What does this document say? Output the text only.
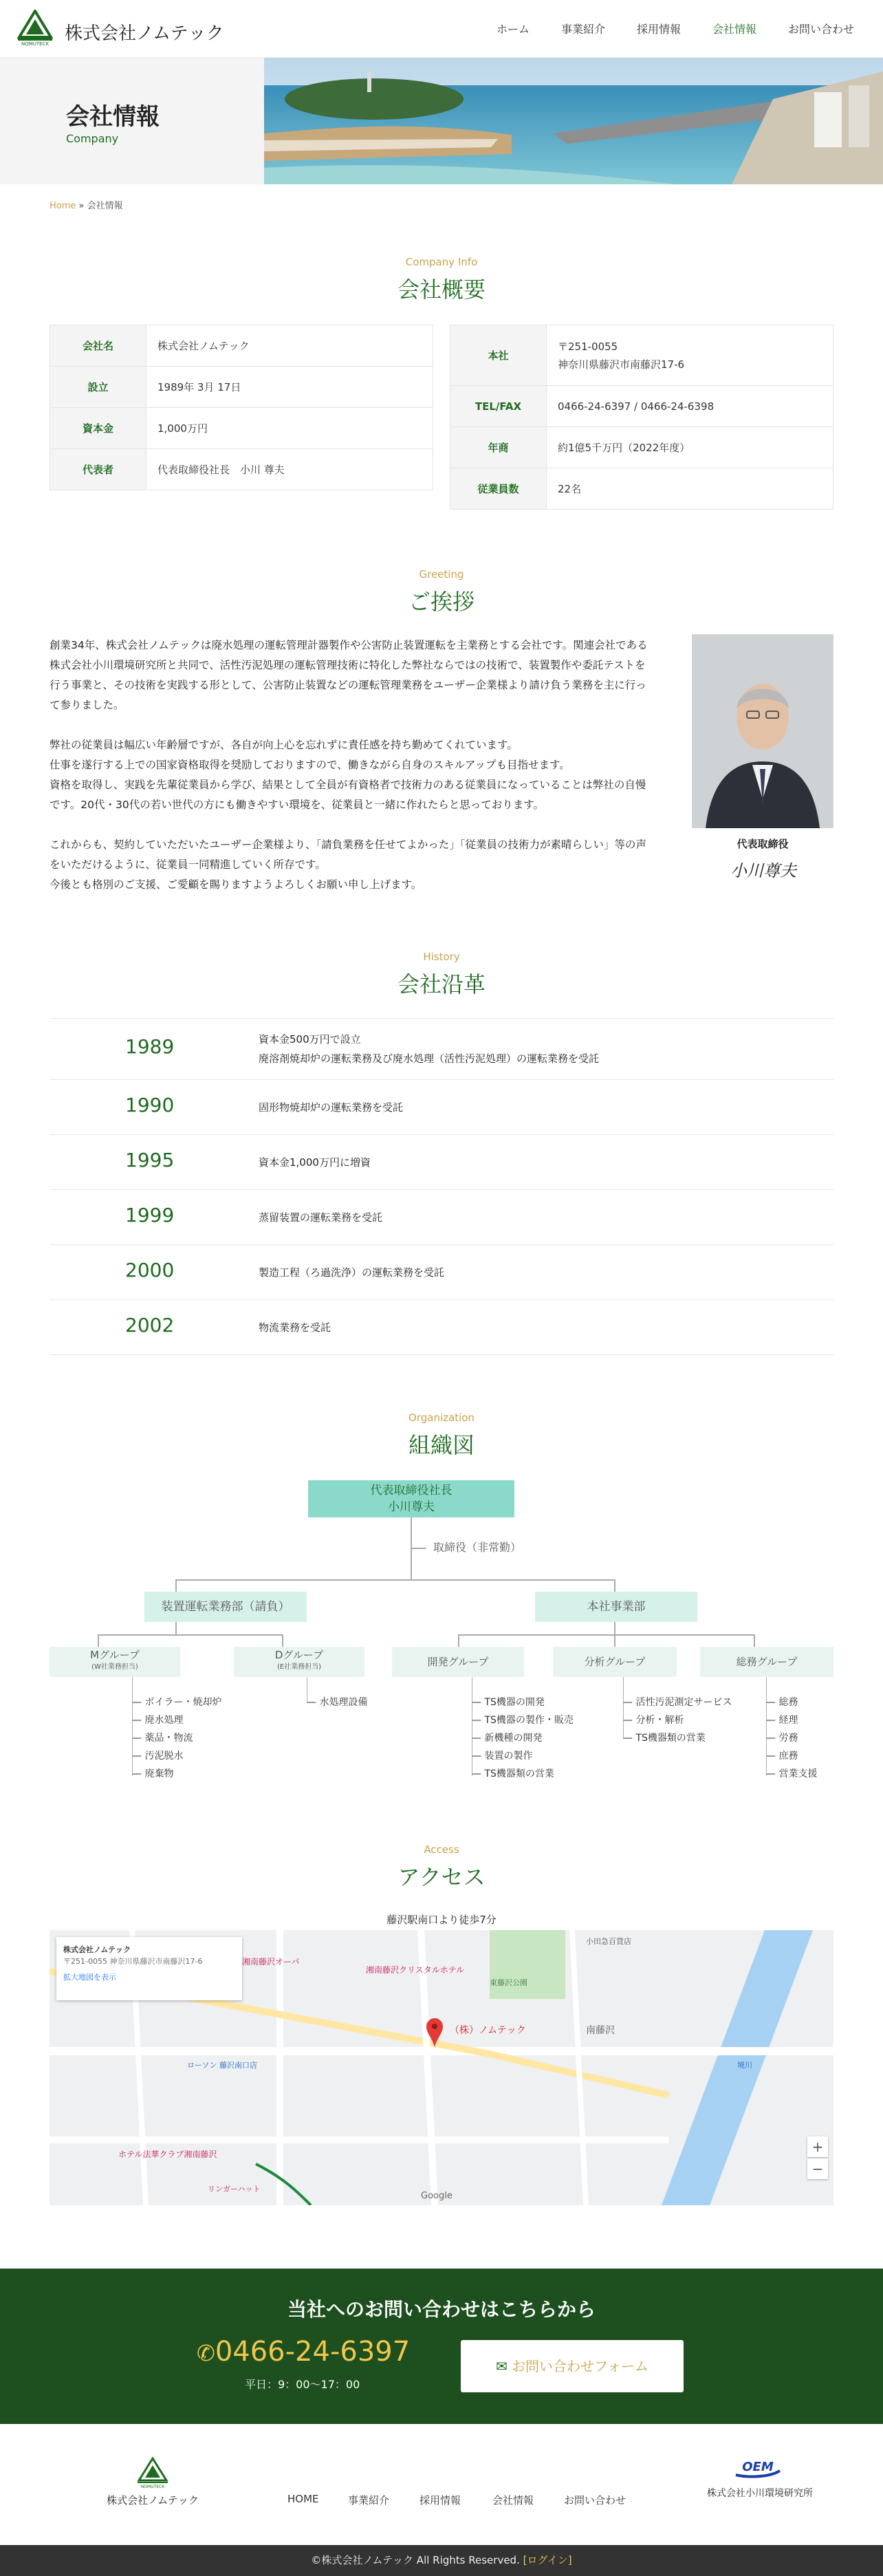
NOMUTECK 株式会社ノムテック	ホーム	事業紹介	採用情報	会社情報	お問い合わせ
会社情報
Company
Home » 会社情報
Company Info
会社概要
会社名	株式会社ノムテック
設立	1989年 3月 17日
資本金	1,000万円
代表者	代表取締役社長　小川 尊夫
本社	〒251-0055
神奈川県藤沢市南藤沢17-6

TEL/FAX	0466-24-6397 / 0466-24-6398
年商	約1億5千万円（2022年度）
従業員数	22名
Greeting
ご挨拶

創業34年、株式会社ノムテックは廃水処理の運転管理計器製作や公害防止装置運転を主業務とする会社です。関連会社である株式会社小川環境研究所と共同で、活性汚泥処理の運転管理技術に特化した弊社ならではの技術で、装置製作や委託テストを行う事業と、その技術を実践する形として、公害防止装置などの運転管理業務をユーザー企業様より請け負う業務を主に行って参りました。

弊社の従業員は幅広い年齢層ですが、各自が向上心を忘れずに責任感を持ち勤めてくれています。
仕事を遂行する上での国家資格取得を奨励しておりますので、働きながら自身のスキルアップも目指せます。
資格を取得し、実践を先輩従業員から学び、結果として全員が有資格者で技術力のある従業員になっていることは弊社の自慢です。20代・30代の若い世代の方にも働きやすい環境を、従業員と一緒に作れたらと思っております。

これからも、契約していただいたユーザー企業様より、「請負業務を任せてよかった」「従業員の技術力が素晴らしい」等の声をいただけるように、従業員一同精進していく所存です。
今後とも格別のご支援、ご愛顧を賜りますようよろしくお願い申し上げます。

代表取締役
小川尊夫
History
会社沿革
1989	資本金500万円で設立
廃溶剤焼却炉の運転業務及び廃水処理（活性汚泥処理）の運転業務を受託
1990	固形物焼却炉の運転業務を受託
1995	資本金1,000万円に増資
1999	蒸留装置の運転業務を受託
2000	製造工程（ろ過洗浄）の運転業務を受託
2002	物流業務を受託
Organization
組織図
代表取締役社長
小川尊夫
取締役（非常勤）
装置運転業務部（請負）	本社事業部
Mグループ
(W社業務担当)
Dグループ
(E社業務担当)	開発グループ	分析グループ	総務グループ
— ボイラー・焼却炉
— 廃水処理
— 薬品・物流
— 汚泥脱水
— 廃棄物
— 水処理設備	— TS機器の開発
— TS機器の製作・販売
— 新機種の開発
— 装置の製作
— TS機器類の営業
— 活性汚泥測定サービス
— 分析・解析
— TS機器類の営業
— 総務
— 経理
— 労務
— 庶務
— 営業支援
Access
アクセス
藤沢駅南口より徒歩7分
（株）ノムテック
湘南藤沢オーパ
湘南藤沢クリスタルホテル
東藤沢公園
南藤沢
小田急百貨店
ローソン 藤沢南口店
ホテル法華クラブ湘南藤沢
リンガーハット
境川
Google
株式会社ノムテック
〒251-0055 神奈川県藤沢市南藤沢17-6
拡大地図を表示
+
−
当社へのお問い合わせはこちらから
✆0466-24-6397
平日：9：00〜17：00
✉ お問い合わせフォーム
NOMUTECK
株式会社ノムテック	HOME	事業紹介	採用情報	会社情報	お問い合わせ
OEM
株式会社小川環境研究所
©株式会社ノムテック All Rights Reserved. [ログイン]
